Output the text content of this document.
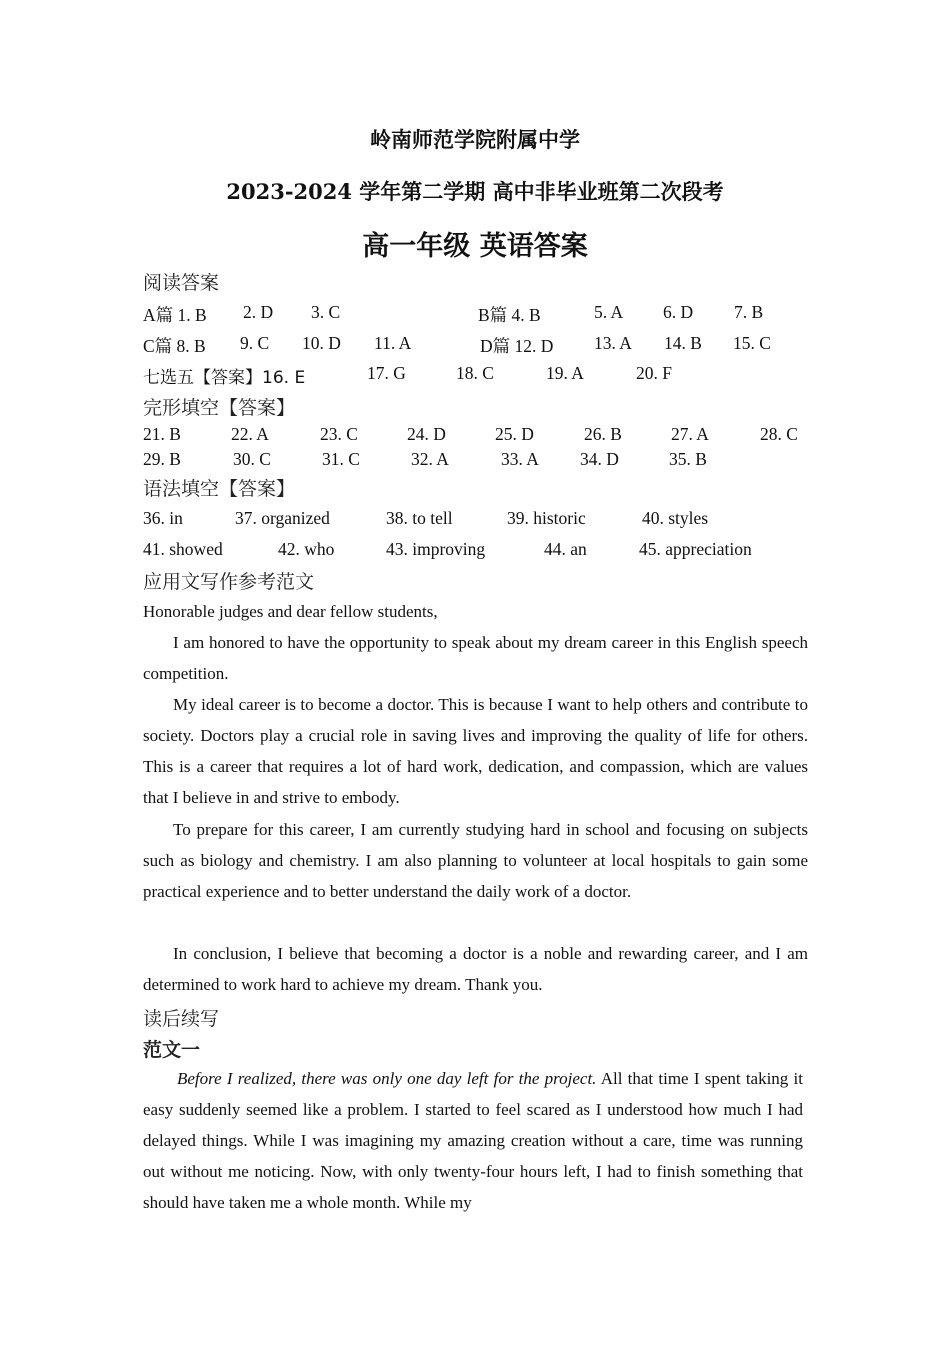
岭南师范学院附属中学
2023-2024 学年第二学期 高中非毕业班第二次段考
高一年级 英语答案
阅读答案
A篇 1. B 2. D 3. C	B篇 4. B	5. A 6. D 7. B
C篇 8. B 9. C 10. D 11. A	D篇 12. D 13. A 14. B 15. C
七选五【答案】16. E	17. G	18. C	19. A	20. F
完形填空【答案】
21. B	22. A	23. C	24. D	25. D	26. B	27. A	28. C
29. B	30. C	31. C	32. A	33. A 34. D	35. B
语法填空【答案】
36. in	37. organized	38. to tell	39. historic	40. styles
41. showed	42. who	43. improving	44. an	45. appreciation
应用文写作参考范文
Honorable judges and dear fellow students,
I am honored to have the opportunity to speak about my dream career in this English speech competition.
My ideal career is to become a doctor. This is because I want to help others and contribute to society. Doctors play a crucial role in saving lives and improving the quality of life for others. This is a career that requires a lot of hard work, dedication, and compassion, which are values that I believe in and strive to embody.
To prepare for this career, I am currently studying hard in school and focusing on subjects such as biology and chemistry. I am also planning to volunteer at local hospitals to gain some practical experience and to better understand the daily work of a doctor.
In conclusion, I believe that becoming a doctor is a noble and rewarding career, and I am determined to work hard to achieve my dream. Thank you.
读后续写
范文一
Before I realized, there was only one day left for the project. All that time I spent taking it easy suddenly seemed like a problem. I started to feel scared as I understood how much I had delayed things. While I was imagining my amazing creation without a care, time was running out without me noticing. Now, with only twenty-four hours left, I had to finish something that should have taken me a whole month. While my
